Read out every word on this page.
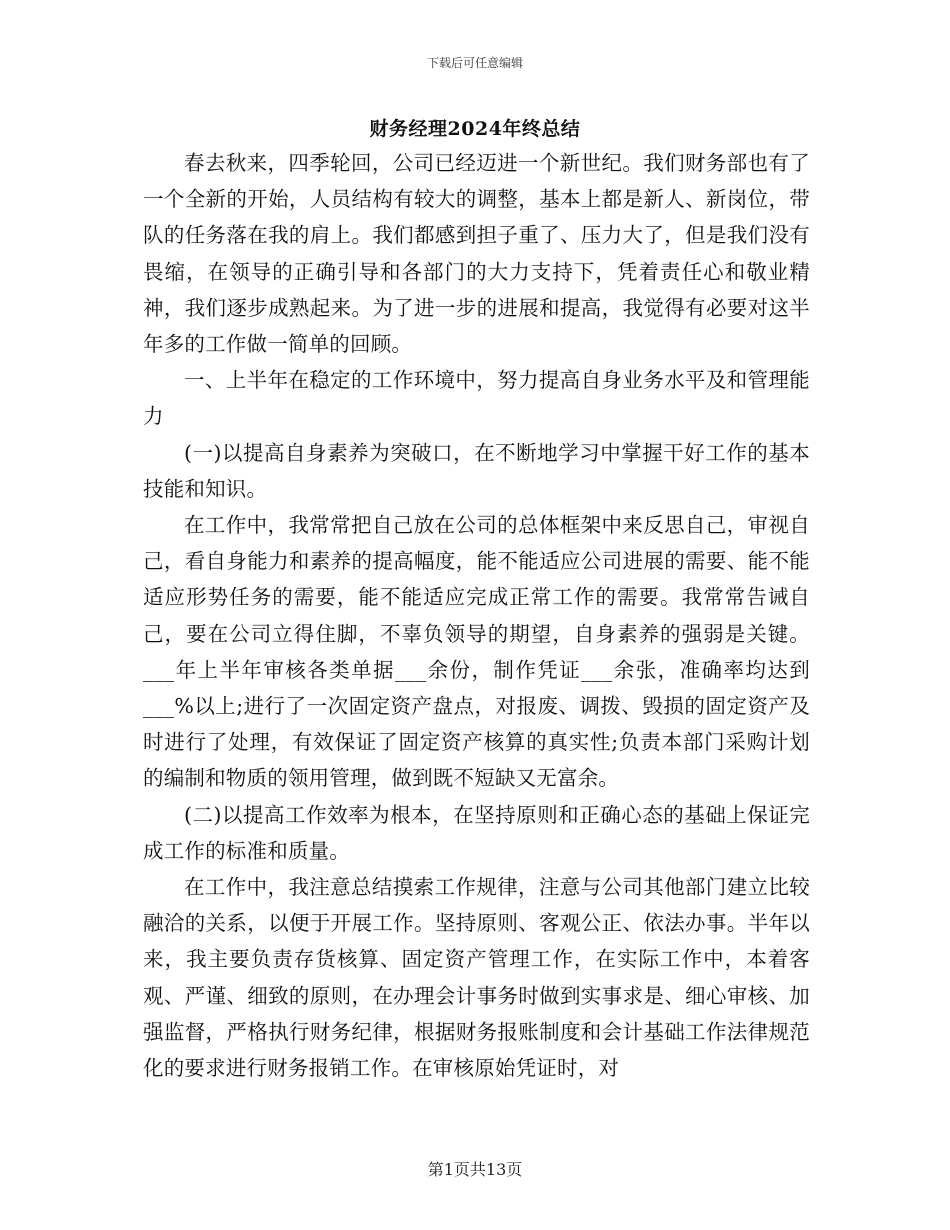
下载后可任意编辑
财务经理2024年终总结

春去秋来，四季轮回，公司已经迈进一个新世纪。我们财务部也有了一个全新的开始，人员结构有较大的调整，基本上都是新人、新岗位，带队的任务落在我的肩上。我们都感到担子重了、压力大了，但是我们没有畏缩，在领导的正确引导和各部门的大力支持下，凭着责任心和敬业精神，我们逐步成熟起来。为了进一步的进展和提高，我觉得有必要对这半年多的工作做一简单的回顾。

一、上半年在稳定的工作环境中，努力提高自身业务水平及和管理能力

(一)以提高自身素养为突破口，在不断地学习中掌握干好工作的基本技能和知识。

在工作中，我常常把自己放在公司的总体框架中来反思自己，审视自己，看自身能力和素养的提高幅度，能不能适应公司进展的需要、能不能适应形势任务的需要，能不能适应完成正常工作的需要。我常常告诫自己，要在公司立得住脚，不辜负领导的期望，自身素养的强弱是关键。___年上半年审核各类单据___余份，制作凭证___余张，准确率均达到___%以上;进行了一次固定资产盘点，对报废、调拨、毁损的固定资产及时进行了处理，有效保证了固定资产核算的真实性;负责本部门采购计划的编制和物质的领用管理，做到既不短缺又无富余。

(二)以提高工作效率为根本，在坚持原则和正确心态的基础上保证完成工作的标准和质量。

在工作中，我注意总结摸索工作规律，注意与公司其他部门建立比较融洽的关系，以便于开展工作。坚持原则、客观公正、依法办事。半年以来，我主要负责存货核算、固定资产管理工作，在实际工作中，本着客观、严谨、细致的原则，在办理会计事务时做到实事求是、细心审核、加强监督，严格执行财务纪律，根据财务报账制度和会计基础工作法律规范化的要求进行财务报销工作。在审核原始凭证时，对

第1页共13页
